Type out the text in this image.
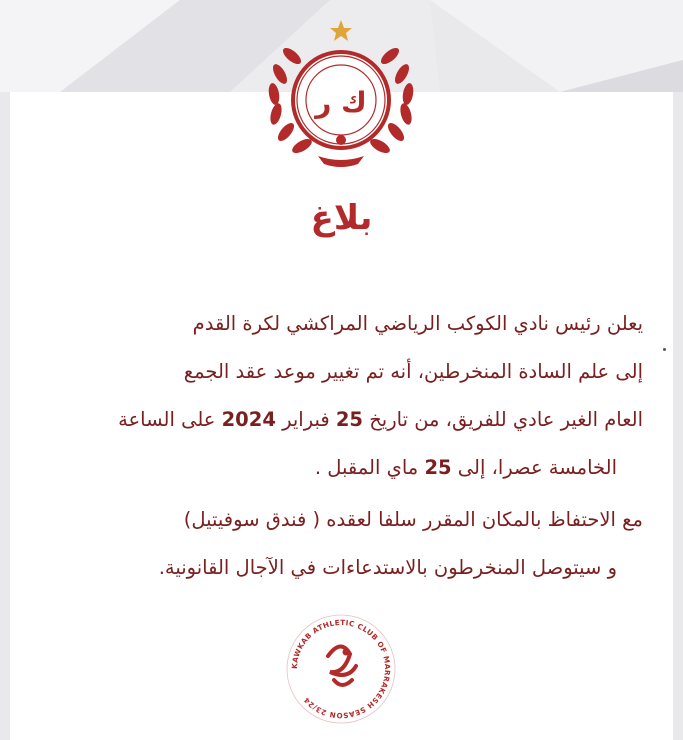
ك ر
بلاغ

يعلن رئيس نادي الكوكب الرياضي المراكشي لكرة القدم

إلى علم السادة المنخرطين، أنه تم تغيير موعد عقد الجمع

العام الغير عادي للفريق، من تاريخ 25 فبراير 2024 على الساعة

الخامسة عصرا، إلى 25 ماي المقبل .

مع الاحتفاظ بالمكان المقرر سلفا لعقده ( فندق سوفيتيل)

و سيتوصل المنخرطون بالاستدعاءات في الآجال القانونية.

KAWKAB ATHLETIC CLUB OF MARRAKESH SEASON 23/24
